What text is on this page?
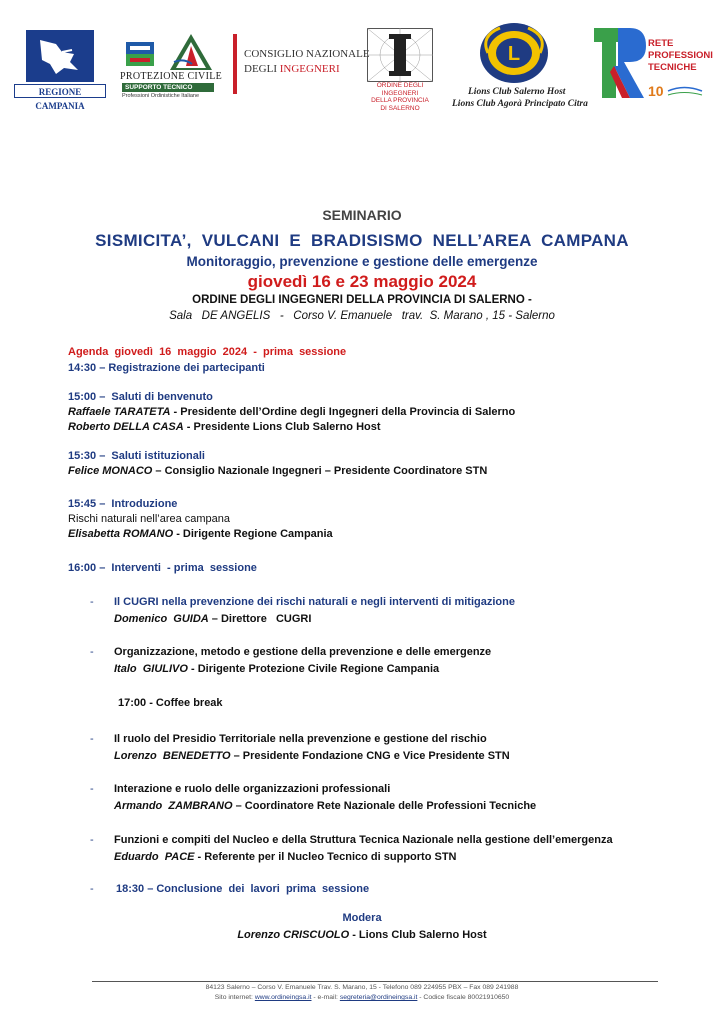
REGIONE CAMPANIA
PROTEZIONE CIVILE
SUPPORTO TECNICO
Professioni Ordinistiche Italiane
CONSIGLIO NAZIONALE
DEGLI INGEGNERI
ORDINE DEGLI
INGEGNERI
DELLA PROVINCIA
DI SALERNO
L
Lions Club Salerno Host
Lions Club Agorà Principato Citra
RETE
PROFESSIONI
TECNICHE
10
SEMINARIO
SISMICITA’, VULCANI E BRADISISMO NELL’AREA CAMPANA
Monitoraggio, prevenzione e gestione delle emergenze
giovedì 16 e 23 maggio 2024
ORDINE DEGLI INGEGNERI DELLA PROVINCIA DI SALERNO -
Sala   DE ANGELIS   -   Corso V. Emanuele   trav.  S. Marano , 15 - Salerno
Agenda  giovedì  16  maggio  2024  -  prima  sessione
14:30 – Registrazione dei partecipanti
15:00 –  Saluti di benvenuto
Raffaele TARATETA - Presidente dell’Ordine degli Ingegneri della Provincia di Salerno
Roberto DELLA CASA - Presidente Lions Club Salerno Host
15:30 –  Saluti istituzionali
Felice MONACO – Consiglio Nazionale Ingegneri – Presidente Coordinatore STN
15:45 –  Introduzione
Rischi naturali nell’area campana
Elisabetta ROMANO - Dirigente Regione Campania
16:00 –  Interventi  - prima  sessione
- Il CUGRI nella prevenzione dei rischi naturali e negli interventi di mitigazione
Domenico  GUIDA – Direttore   CUGRI
- Organizzazione, metodo e gestione della prevenzione e delle emergenze
Italo  GIULIVO - Dirigente Protezione Civile Regione Campania
17:00 - Coffee break
- Il ruolo del Presidio Territoriale nella prevenzione e gestione del rischio
Lorenzo  BENEDETTO – Presidente Fondazione CNG e Vice Presidente STN
- Interazione e ruolo delle organizzazioni professionali
Armando  ZAMBRANO – Coordinatore Rete Nazionale delle Professioni Tecniche
- Funzioni e compiti del Nucleo e della Struttura Tecnica Nazionale nella gestione dell’emergenza
Eduardo  PACE - Referente per il Nucleo Tecnico di supporto STN
- 18:30 – Conclusione  dei  lavori  prima  sessione
Modera
Lorenzo CRISCUOLO - Lions Club Salerno Host
84123 Salerno – Corso V. Emanuele Trav. S. Marano, 15 - Telefono 089 224955 PBX – Fax 089 241988
Sito internet: www.ordineingsa.it - e-mail: segreteria@ordineingsa.it - Codice fiscale 80021910650
